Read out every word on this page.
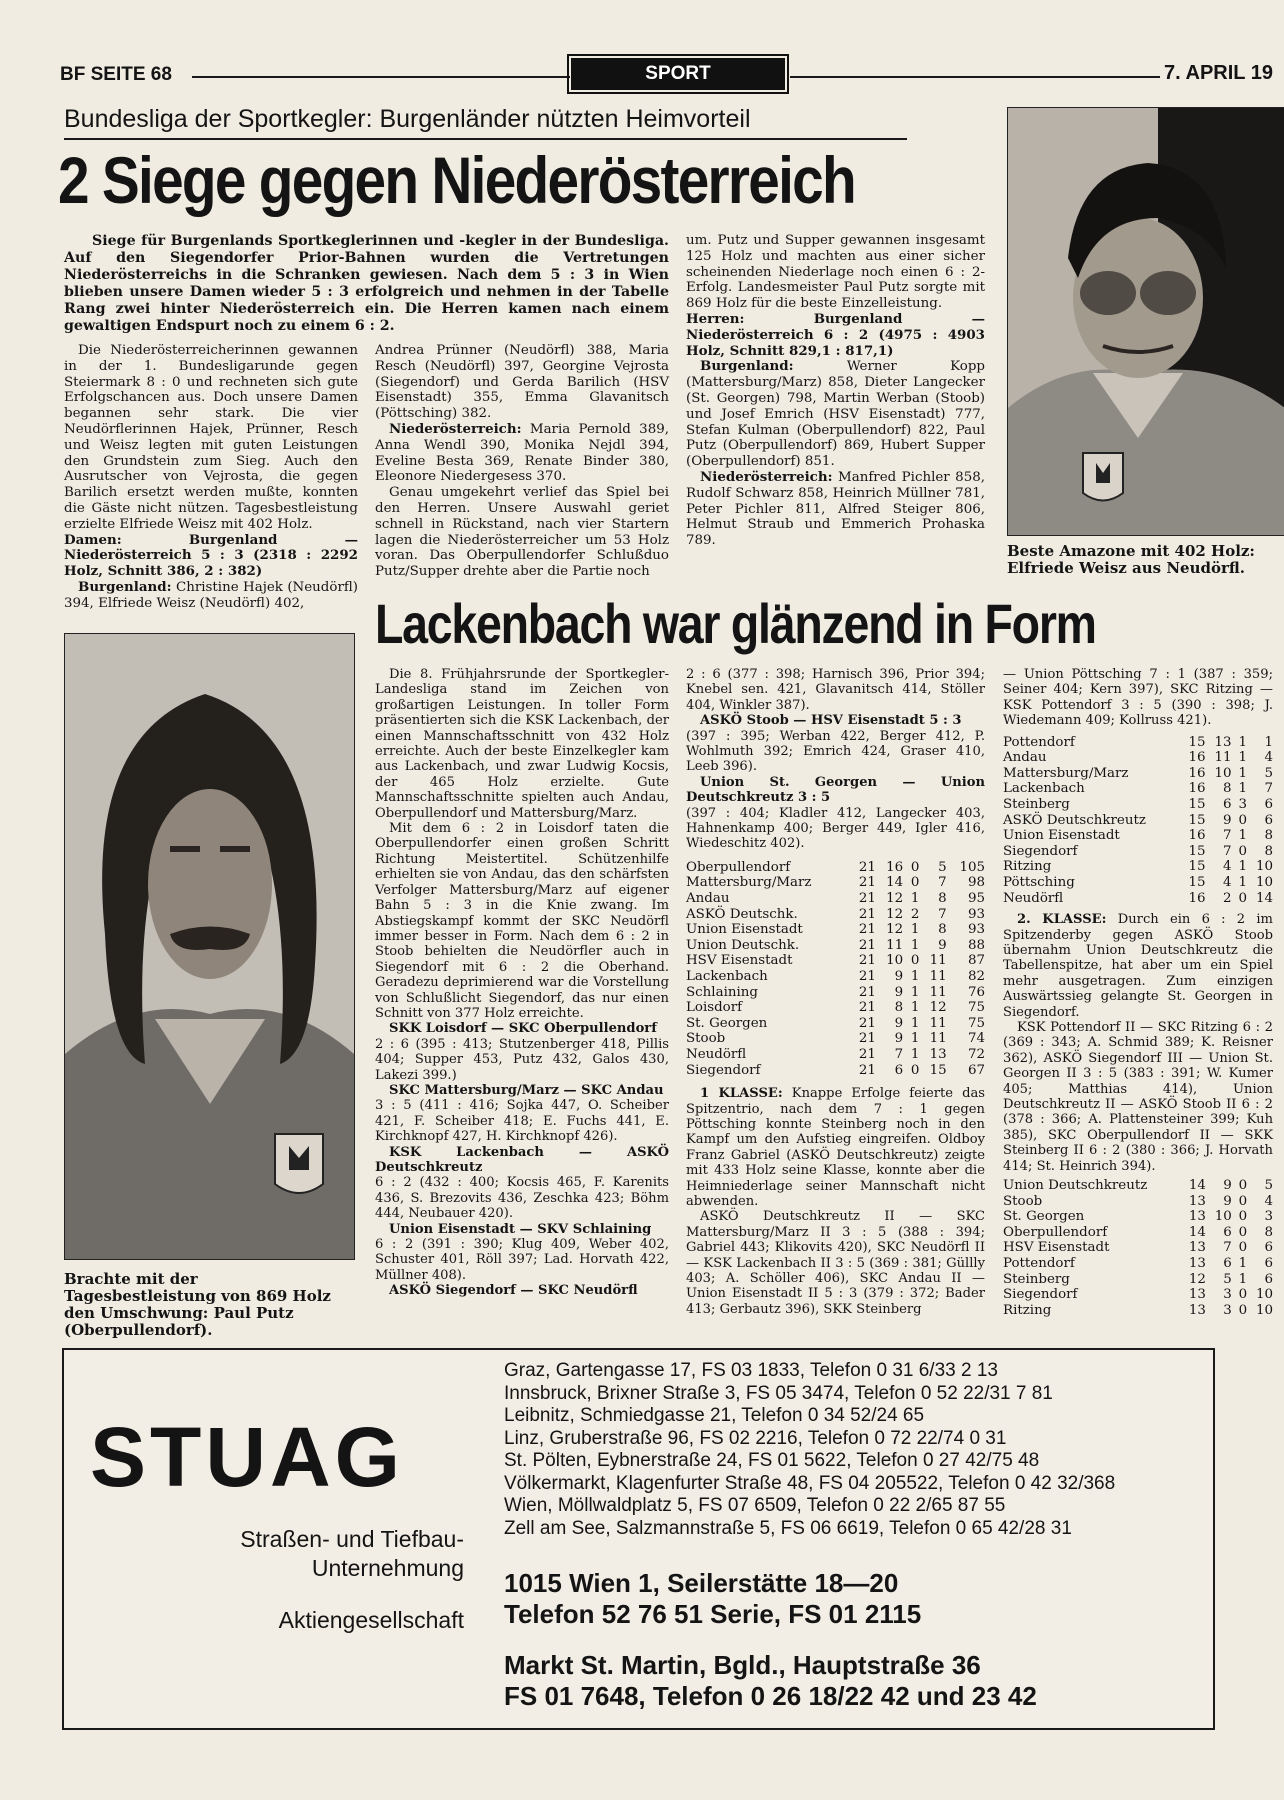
BF SEITE 68	SPORT	7. APRIL 19
Bundesliga der Sportkegler: Burgenländer nützten Heimvorteil
2 Siege gegen Niederösterreich

Siege für Burgenlands Sportkeglerinnen und -kegler in der Bundesliga. Auf den Siegendorfer Prior-Bahnen wurden die Vertretungen Niederösterreichs in die Schranken gewiesen. Nach dem 5 : 3 in Wien blieben unsere Damen wieder 5 : 3 erfolgreich und nehmen in der Tabelle Rang zwei hinter Niederösterreich ein. Die Herren kamen nach einem gewaltigen Endspurt noch zu einem 6 : 2.

Die Niederösterreicherinnen gewannen in der 1. Bundesligarunde gegen Steiermark 8 : 0 und rechneten sich gute Erfolgschancen aus. Doch unsere Damen begannen sehr stark. Die vier Neudörflerinnen Hajek, Prünner, Resch und Weisz legten mit guten Leistungen den Grundstein zum Sieg. Auch den Ausrutscher von Vejrosta, die gegen Barilich ersetzt werden mußte, konnten die Gäste nicht nützen. Tagesbestleistung erzielte Elfriede Weisz mit 402 Holz.

Damen: Burgenland — Niederösterreich 5 : 3 (2318 : 2292 Holz, Schnitt 386, 2 : 382)

Burgenland: Christine Hajek (Neudörfl) 394, Elfriede Weisz (Neudörfl) 402,

Andrea Prünner (Neudörfl) 388, Maria Resch (Neudörfl) 397, Georgine Vejrosta (Siegendorf) und Gerda Barilich (HSV Eisenstadt) 355, Emma Glavanitsch (Pöttsching) 382.

Niederösterreich: Maria Pernold 389, Anna Wendl 390, Monika Nejdl 394, Eveline Besta 369, Renate Binder 380, Eleonore Niedergesess 370.

Genau umgekehrt verlief das Spiel bei den Herren. Unsere Auswahl geriet schnell in Rückstand, nach vier Startern lagen die Niederösterreicher um 53 Holz voran. Das Oberpullendorfer Schlußduo Putz/Supper drehte aber die Partie noch

um. Putz und Supper gewannen insgesamt 125 Holz und machten aus einer sicher scheinenden Niederlage noch einen 6 : 2-Erfolg. Landesmeister Paul Putz sorgte mit 869 Holz für die beste Einzelleistung.

Herren: Burgenland — Niederösterreich 6 : 2 (4975 : 4903 Holz, Schnitt 829,1 : 817,1)

Burgenland:	Werner Kopp (Mattersburg/Marz) 858, Dieter Langecker (St. Georgen) 798, Martin Werban (Stoob) und Josef Emrich (HSV Eisenstadt) 777, Stefan Kulman (Oberpullendorf) 822, Paul Putz (Oberpullendorf) 869, Hubert Supper (Oberpullendorf) 851.

Niederösterreich: Manfred Pichler 858, Rudolf Schwarz 858, Heinrich Müllner 781, Peter Pichler 811, Alfred Steiger 806, Helmut Straub und Emmerich Prohaska 789.

Beste Amazone mit 402 Holz: Elfriede Weisz aus Neudörfl.
Lackenbach war glänzend in Form
Brachte mit der Tagesbestleistung von 869 Holz den Umschwung: Paul Putz (Oberpullendorf).

Die 8. Frühjahrsrunde der Sportkegler-Landesliga stand im Zeichen von großartigen Leistungen. In toller Form präsentierten sich die KSK Lackenbach, der einen Mannschaftsschnitt von 432 Holz erreichte. Auch der beste Einzelkegler kam aus Lackenbach, und zwar Ludwig Kocsis, der 465 Holz erzielte. Gute Mannschaftsschnitte spielten auch Andau, Oberpullendorf und Mattersburg/Marz.

Mit dem 6 : 2 in Loisdorf taten die Oberpullendorfer einen großen Schritt Richtung Meistertitel. Schützenhilfe erhielten sie von Andau, das den schärfsten Verfolger Mattersburg/Marz auf eigener Bahn 5 : 3 in die Knie zwang. Im Abstiegskampf kommt der SKC Neudörfl immer besser in Form. Nach dem 6 : 2 in Stoob behielten die Neudörfler auch in Siegendorf mit 6 : 2 die Oberhand. Geradezu deprimierend war die Vorstellung von Schlußlicht Siegendorf, das nur einen Schnitt von 377 Holz erreichte.

SKK Loisdorf — SKC Oberpullendorf

2 : 6 (395 : 413; Stutzenberger 418, Pillis 404; Supper 453, Putz 432, Galos 430, Lakezi 399.)

SKC Mattersburg/Marz — SKC Andau

3 : 5 (411 : 416; Sojka 447, O. Scheiber 421, F. Scheiber 418; E. Fuchs 441, E. Kirchknopf 427, H. Kirchknopf 426).

KSK Lackenbach — ASKÖ Deutschkreutz

6 : 2 (432 : 400; Kocsis 465, F. Karenits 436, S. Brezovits 436, Zeschka 423; Böhm 444, Neubauer 420).

Union Eisenstadt — SKV Schlaining

6 : 2 (391 : 390; Klug 409, Weber 402, Schuster 401, Röll 397; Lad. Horvath 422, Müllner 408).

ASKÖ Siegendorf — SKC Neudörfl

2 : 6 (377 : 398; Harnisch 396, Prior 394; Knebel sen. 421, Glavanitsch 414, Stöller 404, Winkler 387).

ASKÖ Stoob — HSV Eisenstadt 5 : 3

(397 : 395; Werban 422, Berger 412, P. Wohlmuth 392; Emrich 424, Graser 410, Leeb 396).

Union St. Georgen — Union Deutschkreutz 3 : 5

(397 : 404; Kladler 412, Langecker 403, Hahnenkamp 400; Berger 449, Igler 416, Wiedeschitz 402).

Oberpullendorf	21	16	0	5	105
Mattersburg/Marz	21	14	0	7	98
Andau	21	12	1	8	95
ASKÖ Deutschk.	21	12	2	7	93
Union Eisenstadt	21	12	1	8	93
Union Deutschk.	21	11	1	9	88
HSV Eisenstadt	21	10	0	11	87
Lackenbach	21	9	1	11	82
Schlaining	21	9	1	11	76
Loisdorf	21	8	1	12	75
St. Georgen	21	9	1	11	75
Stoob	21	9	1	11	74
Neudörfl	21	7	1	13	72
Siegendorf	21	6	0	15	67

1 KLASSE: Knappe Erfolge feierte das Spitzentrio, nach dem 7 : 1 gegen Pöttsching konnte Steinberg noch in den Kampf um den Aufstieg eingreifen. Oldboy Franz Gabriel (ASKÖ Deutschkreutz) zeigte mit 433 Holz seine Klasse, konnte aber die Heimniederlage seiner Mannschaft nicht abwenden.

ASKÖ Deutschkreutz II — SKC Mattersburg/Marz II 3 : 5 (388 : 394; Gabriel 443; Klikovits 420), SKC Neudörfl II — KSK Lackenbach II 3 : 5 (369 : 381; Güllly 403; A. Schöller 406), SKC Andau II — Union Eisenstadt II 5 : 3 (379 : 372; Bader 413; Gerbautz 396), SKK Steinberg

— Union Pöttsching 7 : 1 (387 : 359; Seiner 404; Kern 397), SKC Ritzing — KSK Pottendorf 3 : 5 (390 : 398; J. Wiedemann 409; Kollruss 421).

Pottendorf	15	13	1	1
Andau	16	11	1	4
Mattersburg/Marz	16	10	1	5
Lackenbach	16	8	1	7
Steinberg	15	6	3	6
ASKÖ Deutschkreutz	15	9	0	6
Union Eisenstadt	16	7	1	8
Siegendorf	15	7	0	8
Ritzing	15	4	1	10
Pöttsching	15	4	1	10
Neudörfl	16	2	0	14

2. KLASSE: Durch ein 6 : 2 im Spitzenderby gegen ASKÖ Stoob übernahm Union Deutschkreutz die Tabellenspitze, hat aber um ein Spiel mehr ausgetragen. Zum einzigen Auswärtssieg gelangte St. Georgen in Siegendorf.

KSK Pottendorf II — SKC Ritzing 6 : 2 (369 : 343; A. Schmid 389; K. Reisner 362), ASKÖ Siegendorf III — Union St. Georgen II 3 : 5 (383 : 391; W. Kumer 405; Matthias 414), Union Deutschkreutz II — ASKÖ Stoob II 6 : 2 (378 : 366; A. Plattensteiner 399; Kuh 385), SKC Oberpullendorf II — SKK Steinberg II 6 : 2 (380 : 366; J. Horvath 414; St. Heinrich 394).

Union Deutschkreutz	14	9	0	5
Stoob	13	9	0	4
St. Georgen	13	10	0	3
Oberpullendorf	14	6	0	8
HSV Eisenstadt	13	7	0	6
Pottendorf	13	6	1	6
Steinberg	12	5	1	6
Siegendorf	13	3	0	10
Ritzing	13	3	0	10
STUAG
Straßen- und Tiefbau-
Unternehmung
Aktiengesellschaft
Graz, Gartengasse 17, FS 03 1833, Telefon 0 31 6/33 2 13
Innsbruck, Brixner Straße 3, FS 05 3474, Telefon 0 52 22/31 7 81
Leibnitz, Schmiedgasse 21, Telefon 0 34 52/24 65
Linz, Gruberstraße 96, FS 02 2216, Telefon 0 72 22/74 0 31
St. Pölten, Eybnerstraße 24, FS 01 5622, Telefon 0 27 42/75 48
Völkermarkt, Klagenfurter Straße 48, FS 04 205522, Telefon 0 42 32/368
Wien, Möllwaldplatz 5, FS 07 6509, Telefon 0 22 2/65 87 55
Zell am See, Salzmannstraße 5, FS 06 6619, Telefon 0 65 42/28 31
1015 Wien 1, Seilerstätte 18—20
Telefon 52 76 51 Serie, FS 01 2115
Markt St. Martin, Bgld., Hauptstraße 36
FS 01 7648, Telefon 0 26 18/22 42 und 23 42
